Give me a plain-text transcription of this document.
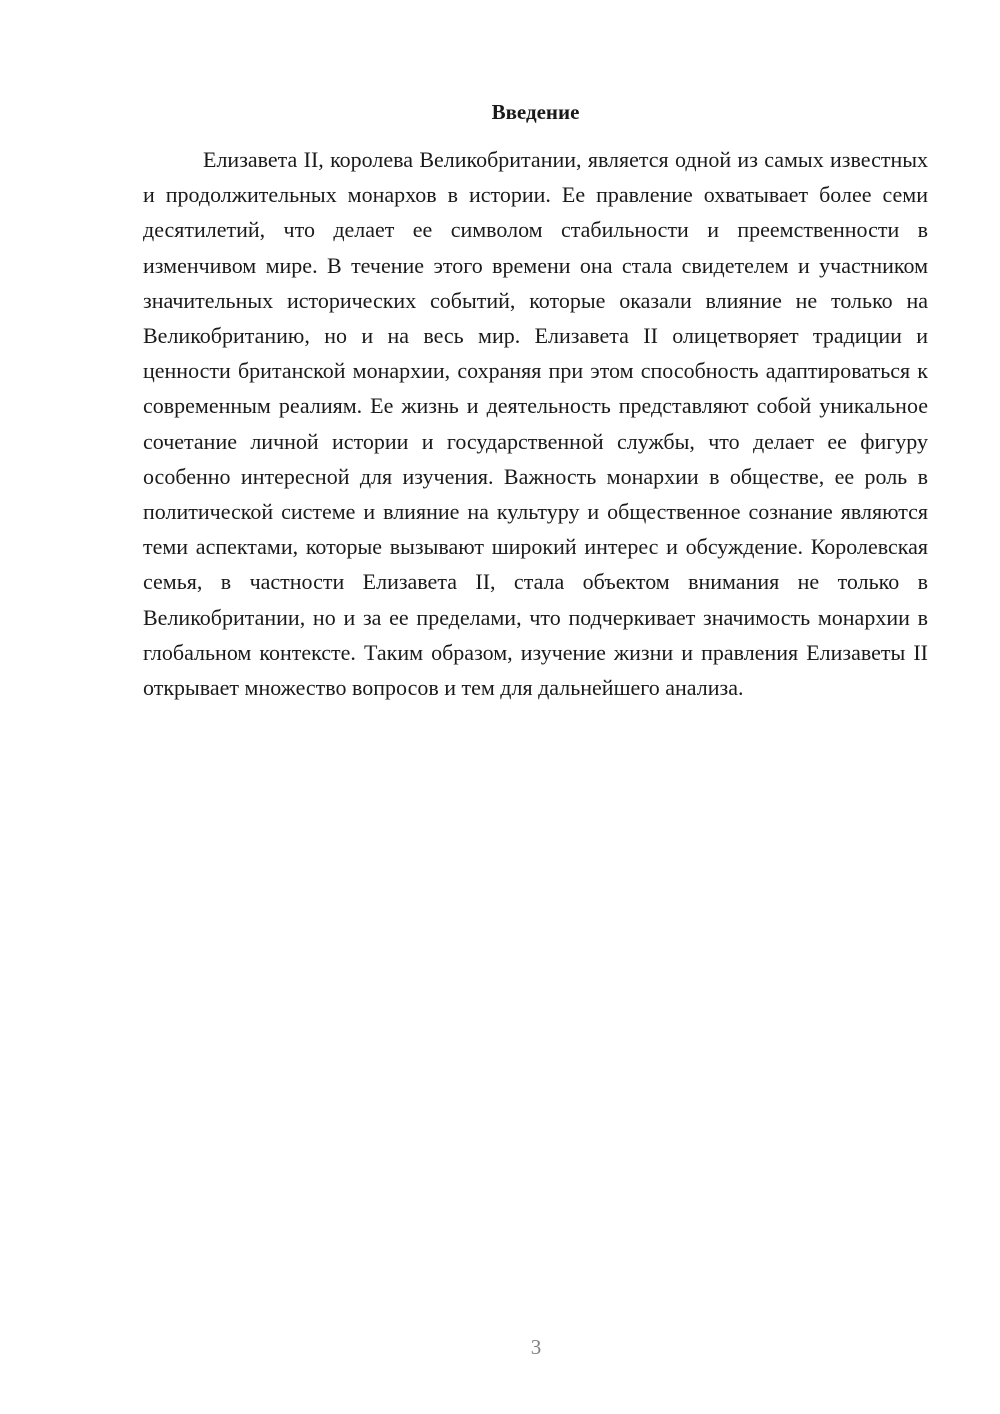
Введение

Елизавета II, королева Великобритании, является одной из самых известных и продолжительных монархов в истории. Ее правление охватывает более семи десятилетий, что делает ее символом стабильности и преемственности в изменчивом мире. В течение этого времени она стала свидетелем и участником значительных исторических событий, которые оказали влияние не только на Великобританию, но и на весь мир. Елизавета II олицетворяет традиции и ценности британской монархии, сохраняя при этом способность адаптироваться к современным реалиям. Ее жизнь и деятельность представляют собой уникальное сочетание личной истории и государственной службы, что делает ее фигуру особенно интересной для изучения. Важность монархии в обществе, ее роль в политической системе и влияние на культуру и общественное сознание являются теми аспектами, которые вызывают широкий интерес и обсуждение. Королевская семья, в частности Елизавета II, стала объектом внимания не только в Великобритании, но и за ее пределами, что подчеркивает значимость монархии в глобальном контексте. Таким образом, изучение жизни и правления Елизаветы II открывает множество вопросов и тем для дальнейшего анализа.

3
